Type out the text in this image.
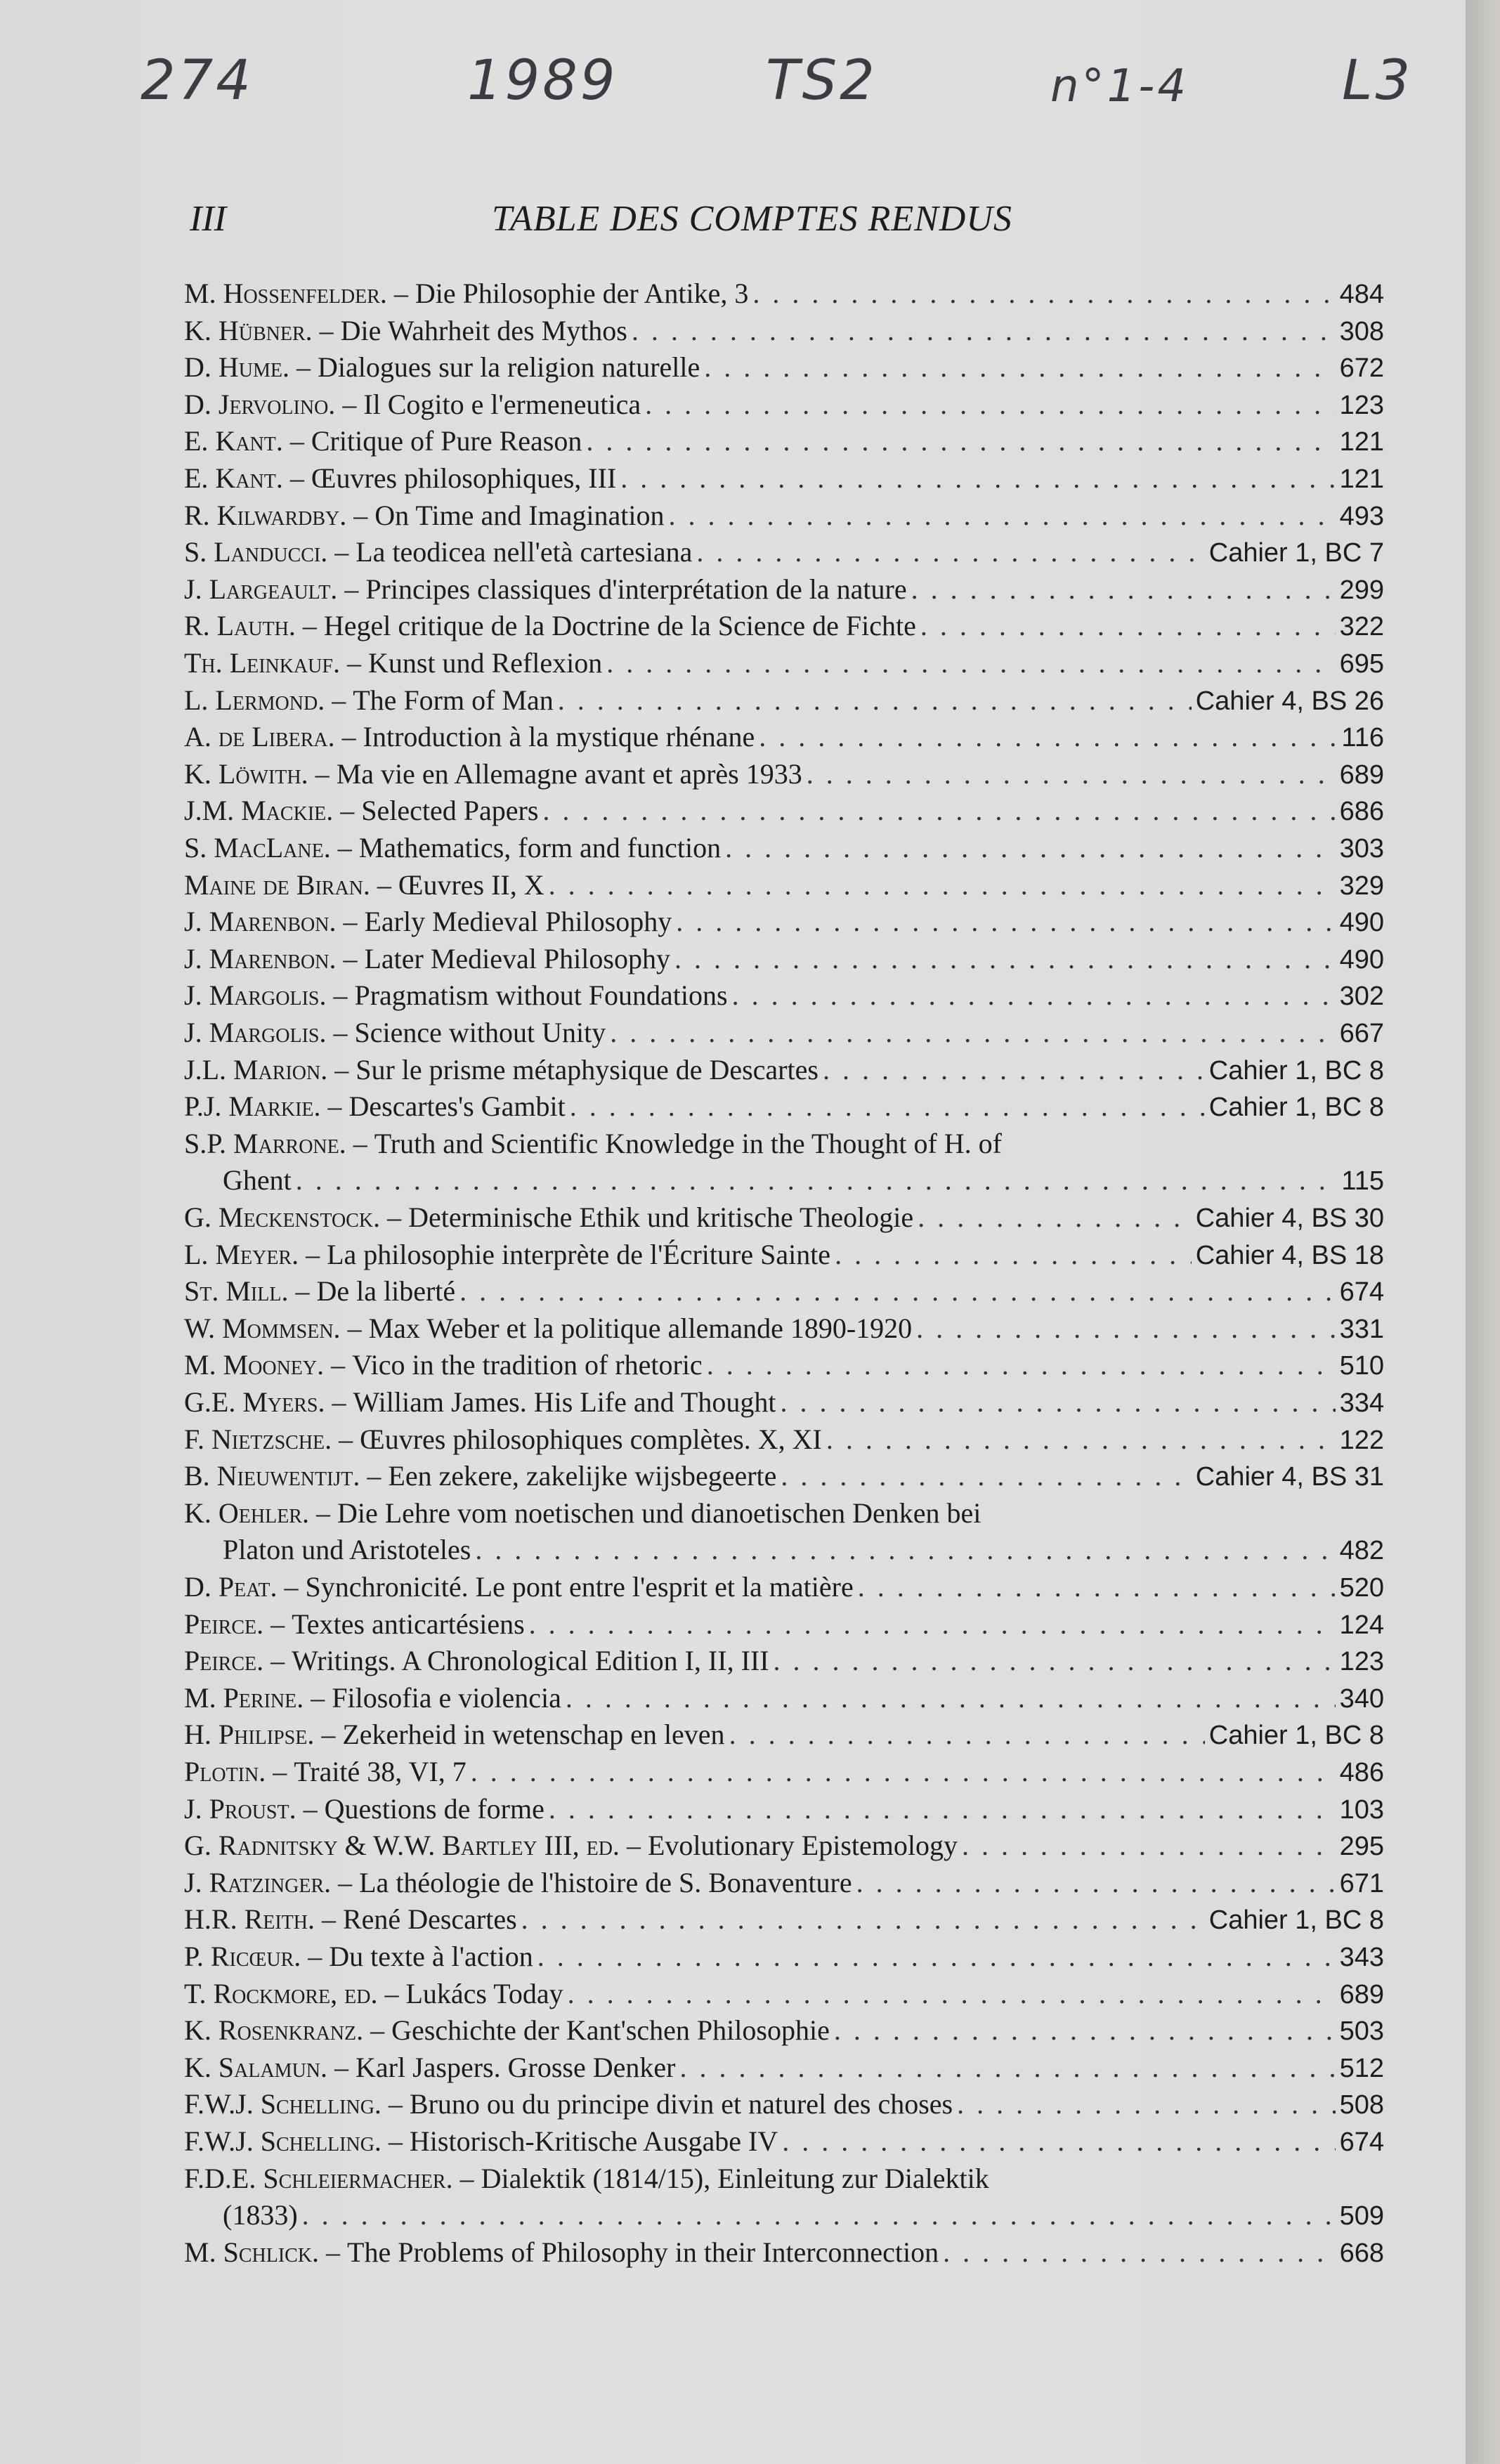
274	1989	TS2	n°1-4	L3
III	TABLE DES COMPTES RENDUS
M. Hossenfelder. – Die Philosophie der Antike, 3 . . .	484
K. Hübner. – Die Wahrheit des Mythos . . .	308
D. Hume. – Dialogues sur la religion naturelle . . .	672
D. Jervolino. – Il Cogito e l'ermeneutica . . .	123
E. Kant. – Critique of Pure Reason . . .	121
E. Kant. – Œuvres philosophiques, III . . .	121
R. Kilwardby. – On Time and Imagination . . .	493
S. Landucci. – La teodicea nell'età cartesiana . . .	Cahier 1, BC 7
J. Largeault. – Principes classiques d'interprétation de la nature . . .	299
R. Lauth. – Hegel critique de la Doctrine de la Science de Fichte . . .	322
Th. Leinkauf. – Kunst und Reflexion . . .	695
L. Lermond. – The Form of Man . . .	Cahier 4, BS 26
A. de Libera. – Introduction à la mystique rhénane . . .	116
K. Löwith. – Ma vie en Allemagne avant et après 1933 . . .	689
J.M. Mackie. – Selected Papers . . .	686
S. MacLane. – Mathematics, form and function . . .	303
Maine de Biran. – Œuvres II, X . . .	329
J. Marenbon. – Early Medieval Philosophy . . .	490
J. Marenbon. – Later Medieval Philosophy . . .	490
J. Margolis. – Pragmatism without Foundations . . .	302
J. Margolis. – Science without Unity . . .	667
J.L. Marion. – Sur le prisme métaphysique de Descartes . . .	Cahier 1, BC 8
P.J. Markie. – Descartes's Gambit . . .	Cahier 1, BC 8
S.P. Marrone. – Truth and Scientific Knowledge in the Thought of H. of
Ghent . . .	115
G. Meckenstock. – Determinische Ethik und kritische Theologie . . .	Cahier 4, BS 30
L. Meyer. – La philosophie interprète de l'Écriture Sainte . . .	Cahier 4, BS 18
St. Mill. – De la liberté . . .	674
W. Mommsen. – Max Weber et la politique allemande 1890-1920 . . .	331
M. Mooney. – Vico in the tradition of rhetoric . . .	510
G.E. Myers. – William James. His Life and Thought . . .	334
F. Nietzsche. – Œuvres philosophiques complètes. X, XI . . .	122
B. Nieuwentijt. – Een zekere, zakelijke wijsbegeerte . . .	Cahier 4, BS 31
K. Oehler. – Die Lehre vom noetischen und dianoetischen Denken bei
Platon und Aristoteles . . .	482
D. Peat. – Synchronicité. Le pont entre l'esprit et la matière . . .	520
Peirce. – Textes anticartésiens . . .	124
Peirce. – Writings. A Chronological Edition I, II, III . . .	123
M. Perine. – Filosofia e violencia . . .	340
H. Philipse. – Zekerheid in wetenschap en leven . . .	Cahier 1, BC 8
Plotin. – Traité 38, VI, 7 . . .	486
J. Proust. – Questions de forme . . .	103
G. Radnitsky & W.W. Bartley III, ed. – Evolutionary Epistemology . . .	295
J. Ratzinger. – La théologie de l'histoire de S. Bonaventure . . .	671
H.R. Reith. – René Descartes . . .	Cahier 1, BC 8
P. Ricœur. – Du texte à l'action . . .	343
T. Rockmore, ed. – Lukács Today . . .	689
K. Rosenkranz. – Geschichte der Kant'schen Philosophie . . .	503
K. Salamun. – Karl Jaspers. Grosse Denker . . .	512
F.W.J. Schelling. – Bruno ou du principe divin et naturel des choses . . .	508
F.W.J. Schelling. – Historisch-Kritische Ausgabe IV . . .	674
F.D.E. Schleiermacher. – Dialektik (1814/15), Einleitung zur Dialektik
(1833) . . .	509
M. Schlick. – The Problems of Philosophy in their Interconnection . . .	668
